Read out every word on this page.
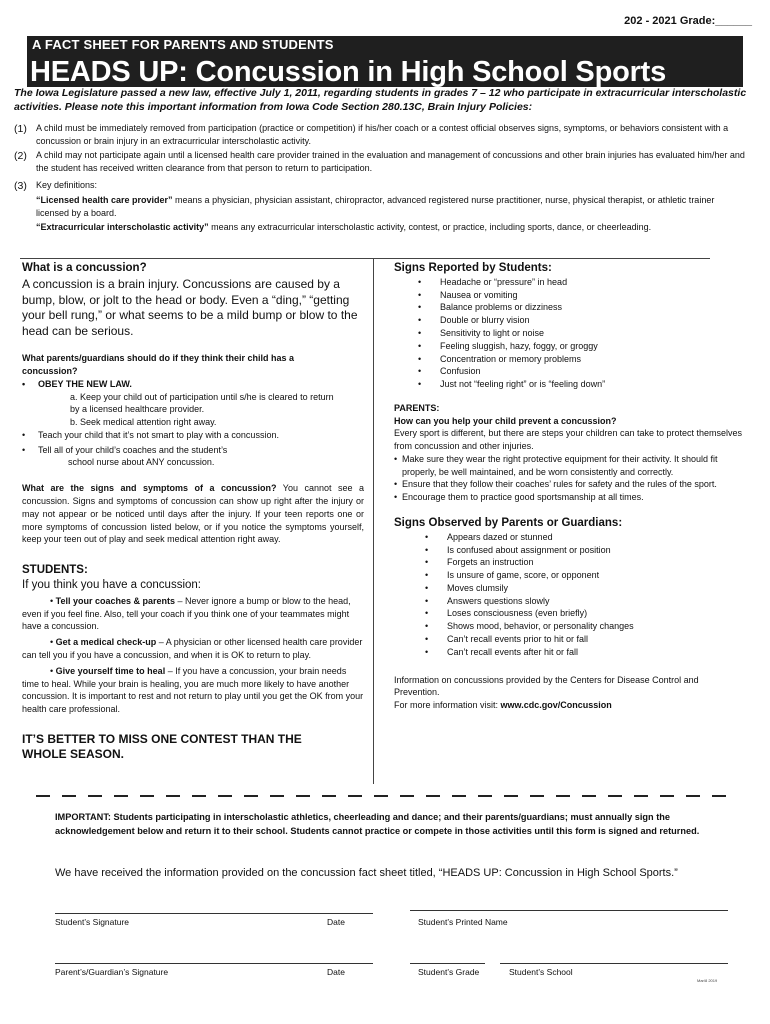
202 - 2021 Grade:______
A FACT SHEET FOR PARENTS AND STUDENTS
HEADS UP: Concussion in High School Sports
The Iowa Legislature passed a new law, effective July 1, 2011, regarding students in grades 7 – 12 who participate in extracurricular interscholastic activities. Please note this important information from Iowa Code Section 280.13C, Brain Injury Policies:
(1) A child must be immediately removed from participation (practice or competition) if his/her coach or a contest official observes signs, symptoms, or behaviors consistent with a concussion or brain injury in an extracurricular interscholastic activity.
(2) A child may not participate again until a licensed health care provider trained in the evaluation and management of concussions and other brain injuries has evaluated him/her and the student has received written clearance from that person to return to participation.
(3) Key definitions:
“Licensed health care provider” means a physician, physician assistant, chiropractor, advanced registered nurse practitioner, nurse, physical therapist, or athletic trainer licensed by a board.
“Extracurricular interscholastic activity” means any extracurricular interscholastic activity, contest, or practice, including sports, dance, or cheerleading.
What is a concussion?
A concussion is a brain injury. Concussions are caused by a bump, blow, or jolt to the head or body. Even a “ding,” “getting your bell rung,” or what seems to be a mild bump or blow to the head can be serious.
What parents/guardians should do if they think their child has a concussion?
•	OBEY THE NEW LAW.
a. Keep your child out of participation until s/he is cleared to return by a licensed healthcare provider.
b. Seek medical attention right away.
•	Teach your child that it’s not smart to play with a concussion.
•	Tell all of your child’s coaches and the student’s
school nurse about ANY concussion.
What are the signs and symptoms of a concussion? You cannot see a concussion. Signs and symptoms of concussion can show up right after the injury or may not appear or be noticed until days after the injury. If your teen reports one or more symptoms of concussion listed below, or if you notice the symptoms yourself, keep your teen out of play and seek medical attention right away.
STUDENTS:
If you think you have a concussion:
• Tell your coaches & parents – Never ignore a bump or blow to the head, even if you feel fine. Also, tell your coach if you think one of your teammates might have a concussion.
• Get a medical check-up – A physician or other licensed health care provider can tell you if you have a concussion, and when it is OK to return to play.
• Give yourself time to heal – If you have a concussion, your brain needs time to heal. While your brain is healing, you are much more likely to have another concussion. It is important to rest and not return to play until you get the OK from your health care professional.
IT’S BETTER TO MISS ONE CONTEST THAN THE WHOLE SEASON.
Signs Reported by Students:
• Headache or “pressure” in head
• Nausea or vomiting
• Balance problems or dizziness
• Double or blurry vision
• Sensitivity to light or noise
• Feeling sluggish, hazy, foggy, or groggy
• Concentration or memory problems
• Confusion
• Just not “feeling right” or is “feeling down”
PARENTS:
How can you help your child prevent a concussion?
Every sport is different, but there are steps your children can take to protect themselves from concussion and other injuries.
• Make sure they wear the right protective equipment for their activity. It should fit properly, be well maintained, and be worn consistently and correctly.
• Ensure that they follow their coaches’ rules for safety and the rules of the sport.
• Encourage them to practice good sportsmanship at all times.
Signs Observed by Parents or Guardians:
• Appears dazed or stunned
• Is confused about assignment or position
• Forgets an instruction
• Is unsure of game, score, or opponent
• Moves clumsily
• Answers questions slowly
• Loses consciousness (even briefly)
• Shows mood, behavior, or personality changes
• Can’t recall events prior to hit or fall
• Can’t recall events after hit or fall
Information on concussions provided by the Centers for Disease Control and Prevention.
For more information visit: www.cdc.gov/Concussion
IMPORTANT: Students participating in interscholastic athletics, cheerleading and dance; and their parents/guardians; must annually sign the acknowledgement below and return it to their school. Students cannot practice or compete in those activities until this form is signed and returned.
We have received the information provided on the concussion fact sheet titled, “HEADS UP: Concussion in High School Sports.”
Student’s Signature	Date	Student’s Printed Name
Parent’s/Guardian’s Signature	Date	Student’s Grade	Student’s School
Mar/8 2019
